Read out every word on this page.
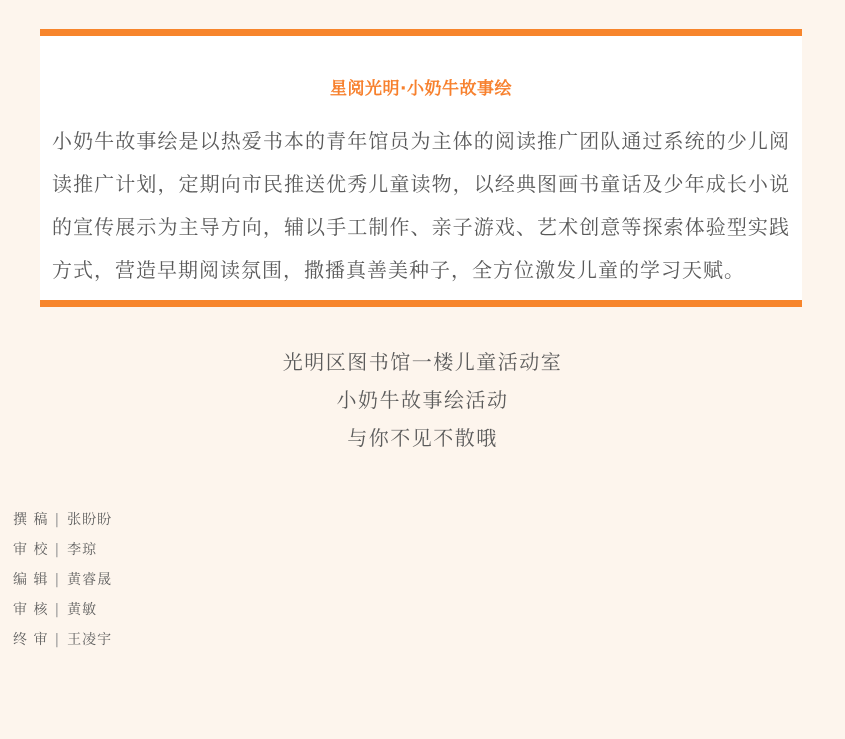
星阅光明·小奶牛故事绘

小奶牛故事绘是以热爱书本的青年馆员为主体的阅读推广团队通过系统的少儿阅读推广计划，定期向市民推送优秀儿童读物，以经典图画书童话及少年成长小说的宣传展示为主导方向，辅以手工制作、亲子游戏、艺术创意等探索体验型实践方式，营造早期阅读氛围，撒播真善美种子，全方位激发儿童的学习天赋。

光明区图书馆一楼儿童活动室

小奶牛故事绘活动

与你不见不散哦

撰 稿 | 张盼盼
审 校 | 李琼
编 辑 | 黄睿晟
审 核 | 黄敏
终 审 | 王凌宇
